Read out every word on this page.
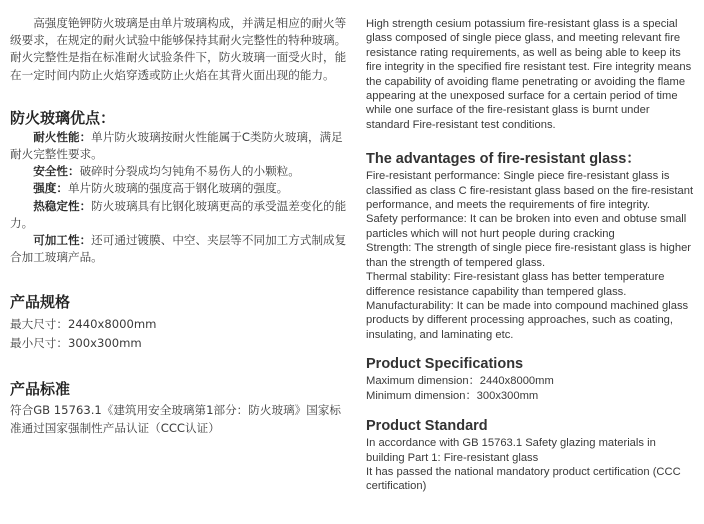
高强度铯钾防火玻璃是由单片玻璃构成，并满足相应的耐火等级要求，在规定的耐火试验中能够保持其耐火完整性的特种玻璃。耐火完整性是指在标准耐火试验条件下，防火玻璃一面受火时，能在一定时间内防止火焰穿透或防止火焰在其背火面出现的能力。

防火玻璃优点：

耐火性能：单片防火玻璃按耐火性能属于C类防火玻璃，满足耐火完整性要求。

安全性：破碎时分裂成均匀钝角不易伤人的小颗粒。

强度：单片防火玻璃的强度高于钢化玻璃的强度。

热稳定性：防火玻璃具有比钢化玻璃更高的承受温差变化的能力。

可加工性：还可通过镀膜、中空、夹层等不同加工方式制成复合加工玻璃产品。

产品规格

最大尺寸：2440x8000mm

最小尺寸：300x300mm

产品标准

符合GB 15763.1《建筑用安全玻璃第1部分：防火玻璃》国家标准通过国家强制性产品认证（CCC认证）

High strength cesium potassium fire-resistant glass is a special glass composed of single piece glass, and meeting relevant fire resistance rating requirements, as well as being able to keep its fire integrity in the specified fire resistant test. Fire integrity means the capability of avoiding flame penetrating or avoiding the flame appearing at the unexposed surface for a certain period of time while one surface of the fire-resistant glass is burnt under standard Fire-resistant test conditions.

The advantages of fire-resistant glass：

Fire-resistant performance: Single piece fire-resistant glass is classified as class C fire-resistant glass based on the fire-resistant performance, and meets the requirements of fire integrity.

Safety performance: It can be broken into even and obtuse small particles which will not hurt people during cracking

Strength: The strength of single piece fire-resistant glass is higher than the strength of tempered glass.

Thermal stability: Fire-resistant glass has better temperature difference resistance capability than tempered glass.

Manufacturability: It can be made into compound machined glass products by different processing approaches, such as coating, insulating, and laminating etc.

Product Specifications

Maximum dimension：2440x8000mm

Minimum dimension：300x300mm

Product Standard

In accordance with GB 15763.1 Safety glazing materials in building Part 1: Fire-resistant glass

It has passed the national mandatory product certification (CCC certification)
